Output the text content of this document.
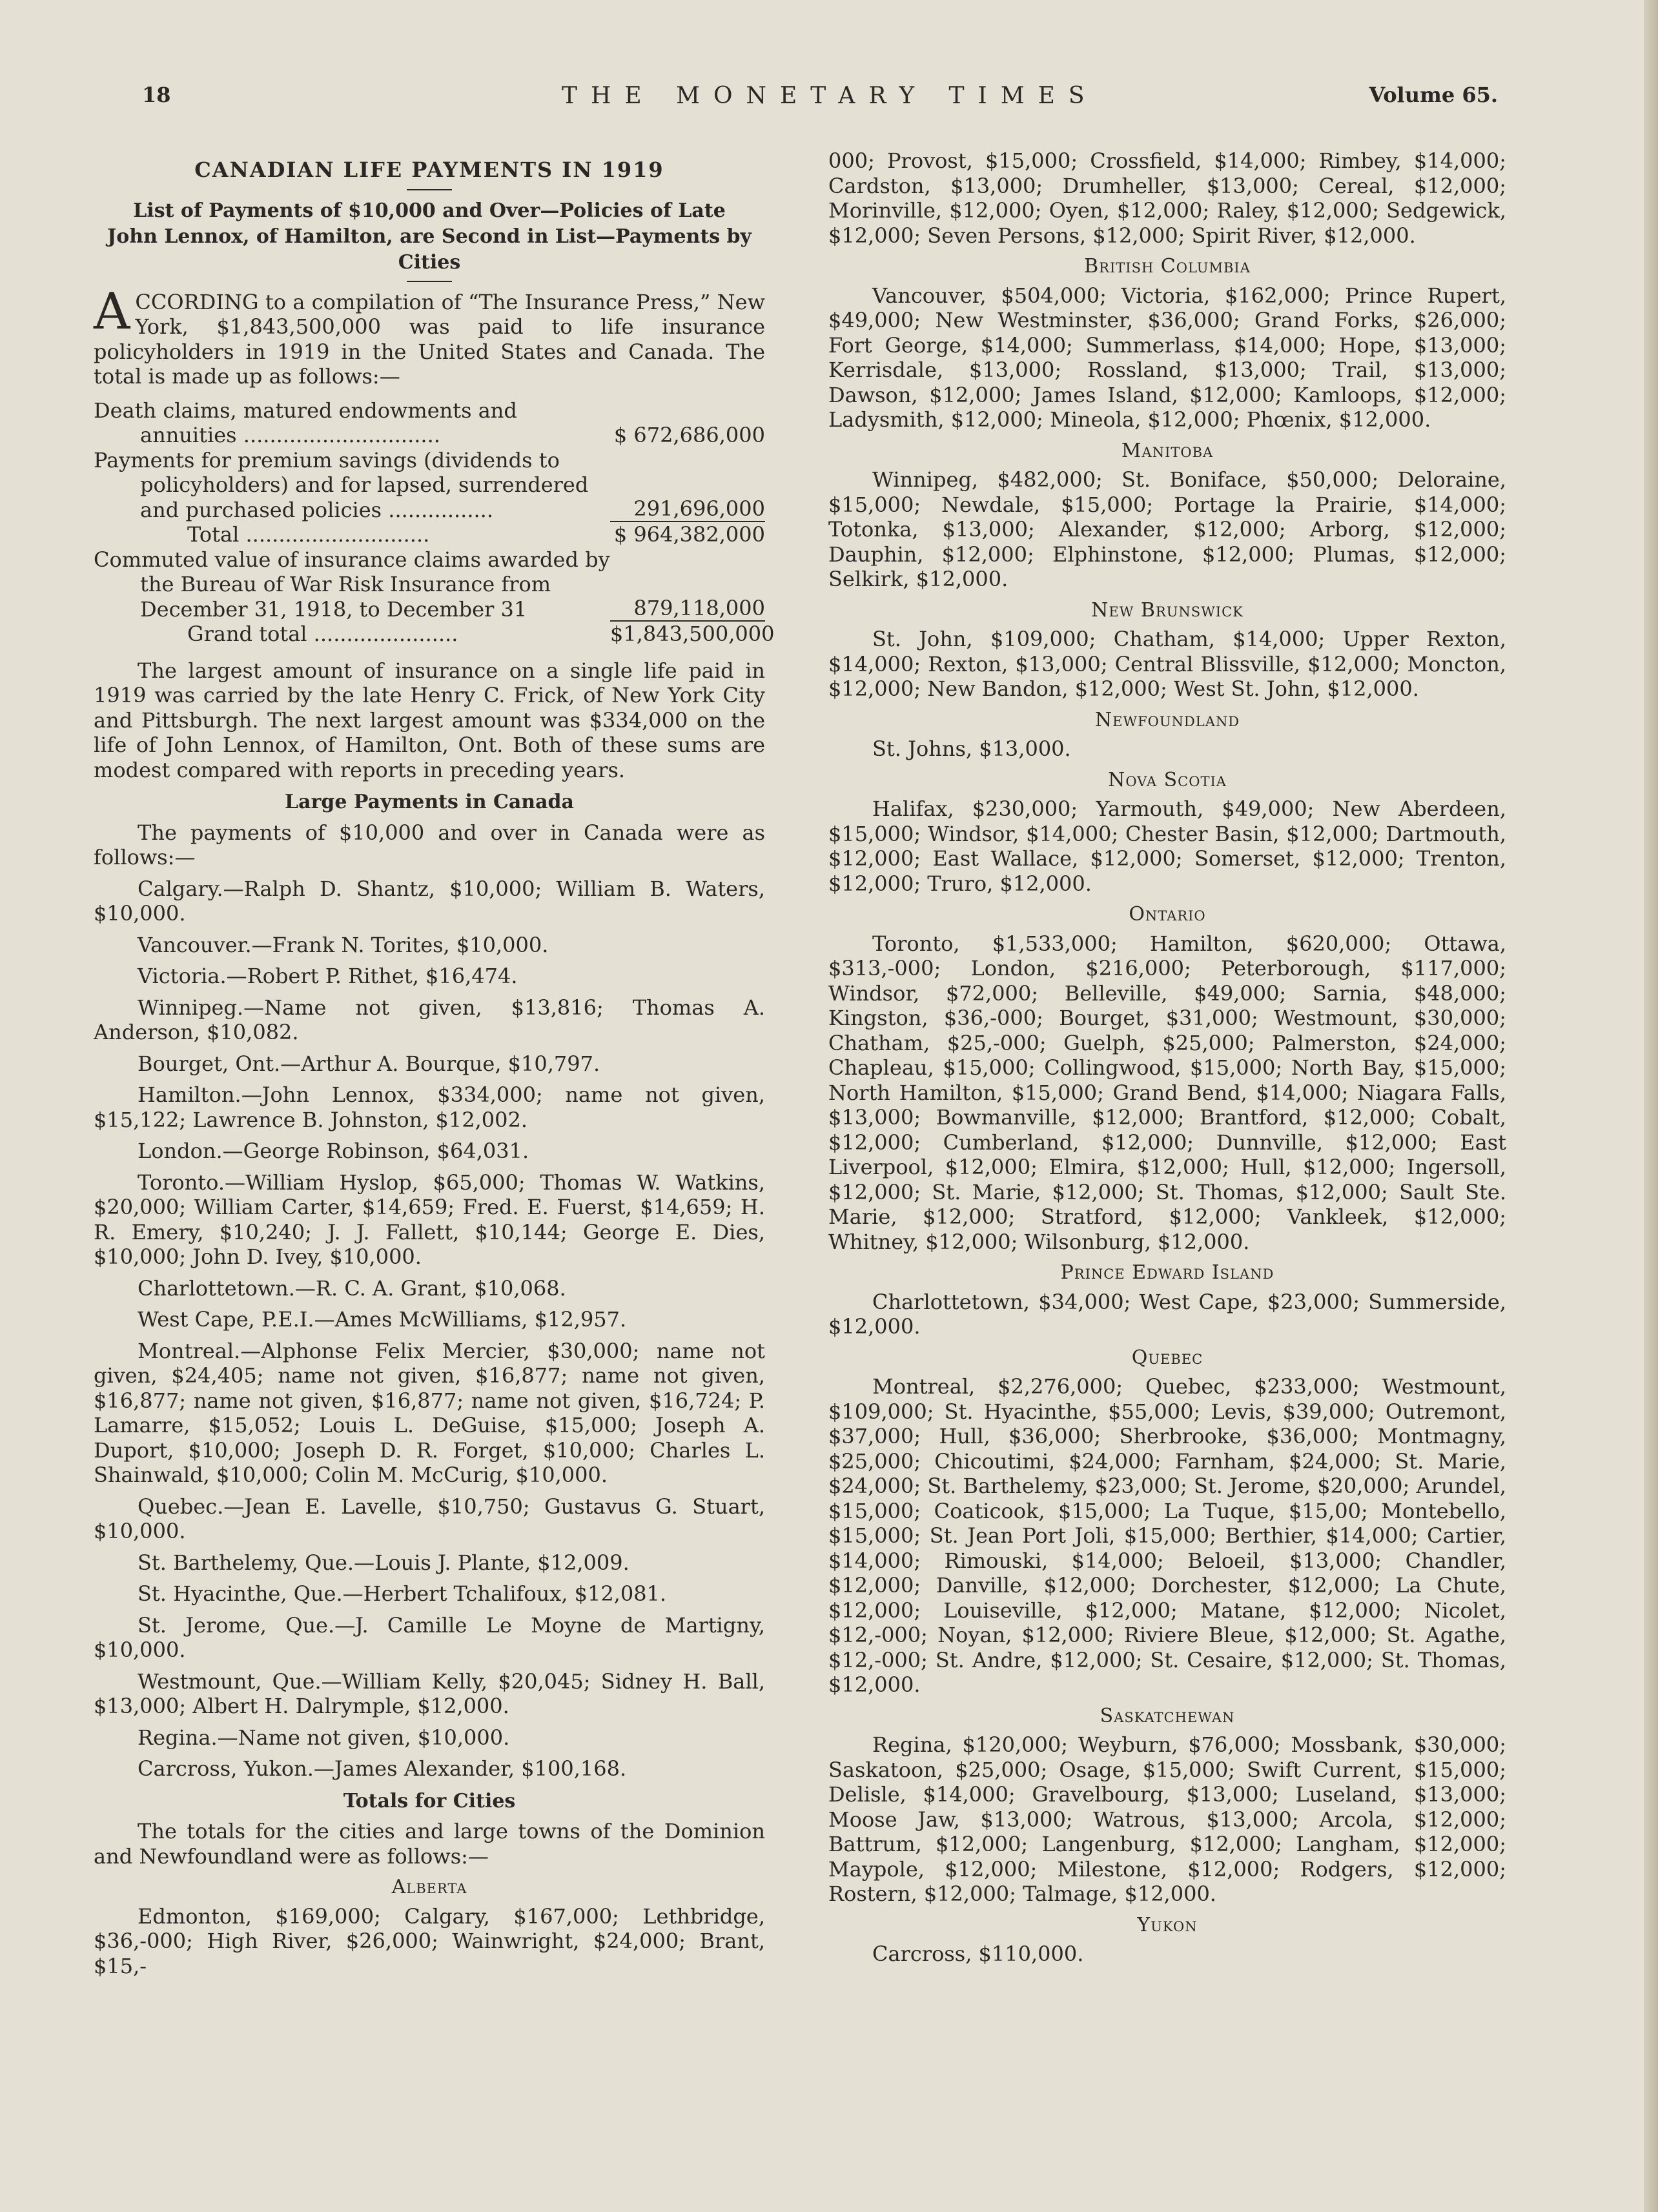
18	THE MONETARY TIMES	Volume 65.
CANADIAN LIFE PAYMENTS IN 1919
List of Payments of $10,000 and Over—Policies of Late John Lennox, of Hamilton, are Second in List—Payments by Cities

ACCORDING to a compilation of “The Insurance Press,” New York, $1,843,500,000 was paid to life insurance policyholders in 1919 in the United States and Canada. The total is made up as follows:—

Death claims, matured endowments and annuities ..............................	$ 672,686,000
Payments for premium savings (dividends to policyholders) and for lapsed, surrendered and purchased policies ................	291,696,000
Total ............................	$ 964,382,000
Commuted value of insurance claims awarded by the Bureau of War Risk Insurance from December 31, 1918, to December 31	879,118,000
Grand total ......................	$1,843,500,000

The largest amount of insurance on a single life paid in 1919 was carried by the late Henry C. Frick, of New York City and Pittsburgh. The next largest amount was $334,000 on the life of John Lennox, of Hamilton, Ont. Both of these sums are modest compared with reports in preceding years.

Large Payments in Canada

The payments of $10,000 and over in Canada were as follows:—

Calgary.—Ralph D. Shantz, $10,000; William B. Waters, $10,000.

Vancouver.—Frank N. Torites, $10,000.

Victoria.—Robert P. Rithet, $16,474.

Winnipeg.—Name not given, $13,816; Thomas A. Anderson, $10,082.

Bourget, Ont.—Arthur A. Bourque, $10,797.

Hamilton.—John Lennox, $334,000; name not given, $15,122; Lawrence B. Johnston, $12,002.

London.—George Robinson, $64,031.

Toronto.—William Hyslop, $65,000; Thomas W. Watkins, $20,000; William Carter, $14,659; Fred. E. Fuerst, $14,659; H. R. Emery, $10,240; J. J. Fallett, $10,144; George E. Dies, $10,000; John D. Ivey, $10,000.

Charlottetown.—R. C. A. Grant, $10,068.

West Cape, P.E.I.—Ames McWilliams, $12,957.

Montreal.—Alphonse Felix Mercier, $30,000; name not given, $24,405; name not given, $16,877; name not given, $16,877; name not given, $16,877; name not given, $16,724; P. Lamarre, $15,052; Louis L. DeGuise, $15,000; Joseph A. Duport, $10,000; Joseph D. R. Forget, $10,000; Charles L. Shainwald, $10,000; Colin M. McCurig, $10,000.

Quebec.—Jean E. Lavelle, $10,750; Gustavus G. Stuart, $10,000.

St. Barthelemy, Que.—Louis J. Plante, $12,009.

St. Hyacinthe, Que.—Herbert Tchalifoux, $12,081.

St. Jerome, Que.—J. Camille Le Moyne de Martigny, $10,000.

Westmount, Que.—William Kelly, $20,045; Sidney H. Ball, $13,000; Albert H. Dalrymple, $12,000.

Regina.—Name not given, $10,000.

Carcross, Yukon.—James Alexander, $100,168.

Totals for Cities

The totals for the cities and large towns of the Dominion and Newfoundland were as follows:—

Alberta

Edmonton, $169,000; Calgary, $167,000; Lethbridge, $36,-000; High River, $26,000; Wainwright, $24,000; Brant, $15,-

000; Provost, $15,000; Crossfield, $14,000; Rimbey, $14,000; Cardston, $13,000; Drumheller, $13,000; Cereal, $12,000; Morinville, $12,000; Oyen, $12,000; Raley, $12,000; Sedgewick, $12,000; Seven Persons, $12,000; Spirit River, $12,000.

British Columbia

Vancouver, $504,000; Victoria, $162,000; Prince Rupert, $49,000; New Westminster, $36,000; Grand Forks, $26,000; Fort George, $14,000; Summerlass, $14,000; Hope, $13,000; Kerrisdale, $13,000; Rossland, $13,000; Trail, $13,000; Dawson, $12,000; James Island, $12,000; Kamloops, $12,000; Ladysmith, $12,000; Mineola, $12,000; Phœnix, $12,000.

Manitoba

Winnipeg, $482,000; St. Boniface, $50,000; Deloraine, $15,000; Newdale, $15,000; Portage la Prairie, $14,000; Totonka, $13,000; Alexander, $12,000; Arborg, $12,000; Dauphin, $12,000; Elphinstone, $12,000; Plumas, $12,000; Selkirk, $12,000.

New Brunswick

St. John, $109,000; Chatham, $14,000; Upper Rexton, $14,000; Rexton, $13,000; Central Blissville, $12,000; Moncton, $12,000; New Bandon, $12,000; West St. John, $12,000.

Newfoundland

St. Johns, $13,000.

Nova Scotia

Halifax, $230,000; Yarmouth, $49,000; New Aberdeen, $15,000; Windsor, $14,000; Chester Basin, $12,000; Dartmouth, $12,000; East Wallace, $12,000; Somerset, $12,000; Trenton, $12,000; Truro, $12,000.

Ontario

Toronto, $1,533,000; Hamilton, $620,000; Ottawa, $313,-000; London, $216,000; Peterborough, $117,000; Windsor, $72,000; Belleville, $49,000; Sarnia, $48,000; Kingston, $36,-000; Bourget, $31,000; Westmount, $30,000; Chatham, $25,-000; Guelph, $25,000; Palmerston, $24,000; Chapleau, $15,000; Collingwood, $15,000; North Bay, $15,000; North Hamilton, $15,000; Grand Bend, $14,000; Niagara Falls, $13,000; Bowmanville, $12,000; Brantford, $12,000; Cobalt, $12,000; Cumberland, $12,000; Dunnville, $12,000; East Liverpool, $12,000; Elmira, $12,000; Hull, $12,000; Ingersoll, $12,000; St. Marie, $12,000; St. Thomas, $12,000; Sault Ste. Marie, $12,000; Stratford, $12,000; Vankleek, $12,000; Whitney, $12,000; Wilsonburg, $12,000.

Prince Edward Island

Charlottetown, $34,000; West Cape, $23,000; Summerside, $12,000.

Quebec

Montreal, $2,276,000; Quebec, $233,000; Westmount, $109,000; St. Hyacinthe, $55,000; Levis, $39,000; Outremont, $37,000; Hull, $36,000; Sherbrooke, $36,000; Montmagny, $25,000; Chicoutimi, $24,000; Farnham, $24,000; St. Marie, $24,000; St. Barthelemy, $23,000; St. Jerome, $20,000; Arundel, $15,000; Coaticook, $15,000; La Tuque, $15,00; Montebello, $15,000; St. Jean Port Joli, $15,000; Berthier, $14,000; Cartier, $14,000; Rimouski, $14,000; Beloeil, $13,000; Chandler, $12,000; Danville, $12,000; Dorchester, $12,000; La Chute, $12,000; Louiseville, $12,000; Matane, $12,000; Nicolet, $12,-000; Noyan, $12,000; Riviere Bleue, $12,000; St. Agathe, $12,-000; St. Andre, $12,000; St. Cesaire, $12,000; St. Thomas, $12,000.

Saskatchewan

Regina, $120,000; Weyburn, $76,000; Mossbank, $30,000; Saskatoon, $25,000; Osage, $15,000; Swift Current, $15,000; Delisle, $14,000; Gravelbourg, $13,000; Luseland, $13,000; Moose Jaw, $13,000; Watrous, $13,000; Arcola, $12,000; Battrum, $12,000; Langenburg, $12,000; Langham, $12,000; Maypole, $12,000; Milestone, $12,000; Rodgers, $12,000; Rostern, $12,000; Talmage, $12,000.

Yukon

Carcross, $110,000.
